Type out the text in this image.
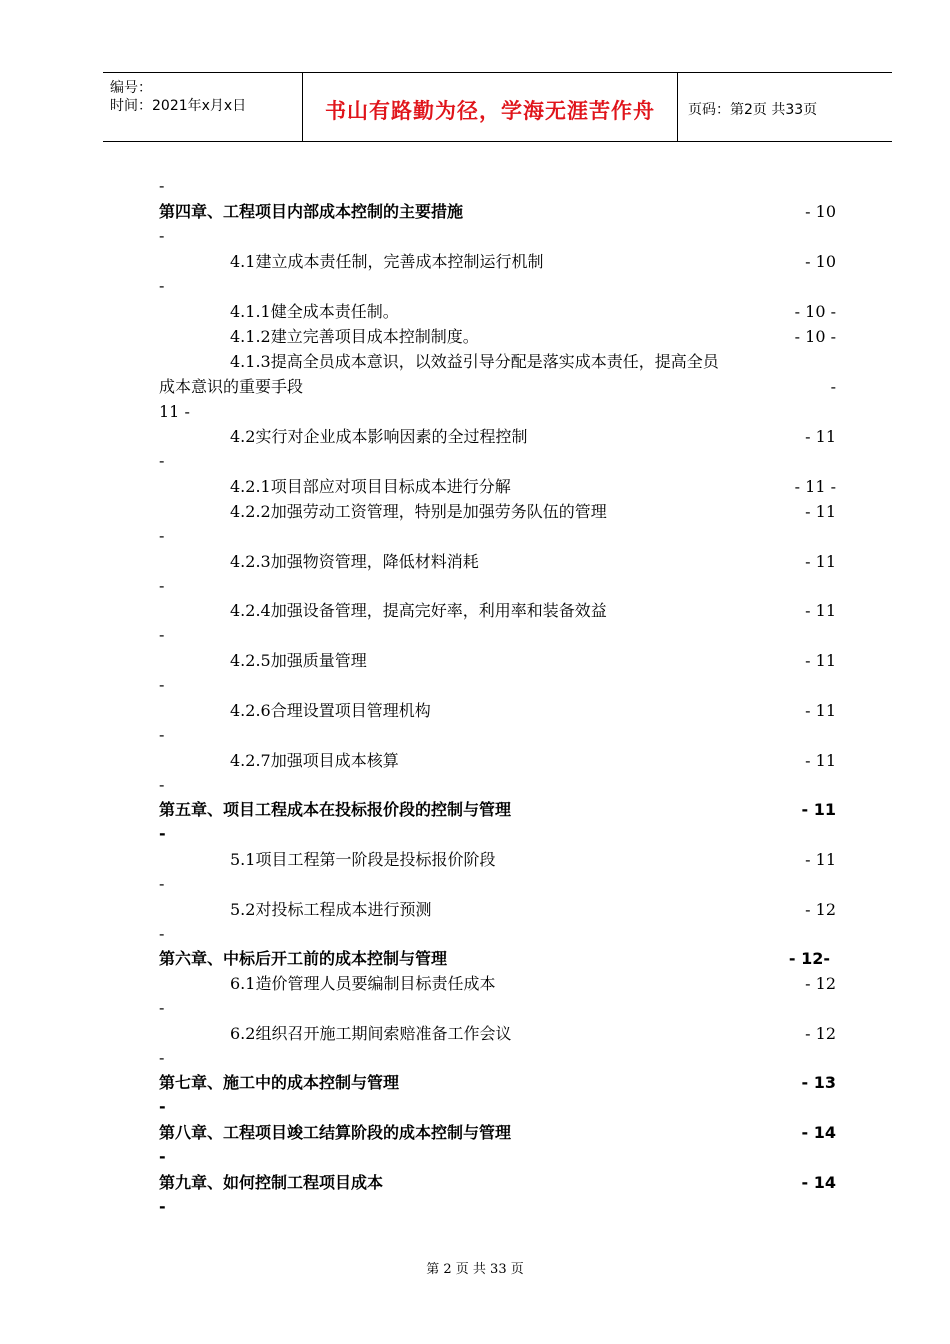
编号：
时间：2021年x月x日	书山有路勤为径，学海无涯苦作舟	页码：第2页 共33页
-
第四章、工程项目内部成本控制的主要措施	- 10
-
4.1建立成本责任制，完善成本控制运行机制	- 10
-
4.1.1健全成本责任制。	- 10 -
4.1.2建立完善项目成本控制制度。	- 10 -
4.1.3提高全员成本意识，以效益引导分配是落实成本责任，提高全员
成本意识的重要手段	-
11 -
4.2实行对企业成本影响因素的全过程控制	- 11
-
4.2.1项目部应对项目目标成本进行分解	- 11 -
4.2.2加强劳动工资管理，特别是加强劳务队伍的管理	- 11
-
4.2.3加强物资管理，降低材料消耗	- 11
-
4.2.4加强设备管理，提高完好率，利用率和装备效益	- 11
-
4.2.5加强质量管理	- 11
-
4.2.6合理设置项目管理机构	- 11
-
4.2.7加强项目成本核算	- 11
-
第五章、项目工程成本在投标报价段的控制与管理	- 11
-
5.1项目工程第一阶段是投标报价阶段	- 11
-
5.2对投标工程成本进行预测	- 12
-
第六章、中标后开工前的成本控制与管理	- 12-
6.1造价管理人员要编制目标责任成本	- 12
-
6.2组织召开施工期间索赔准备工作会议	- 12
-
第七章、施工中的成本控制与管理	- 13
-
第八章、工程项目竣工结算阶段的成本控制与管理	- 14
-
第九章、如何控制工程项目成本	- 14
-
第 2 页 共 33 页
